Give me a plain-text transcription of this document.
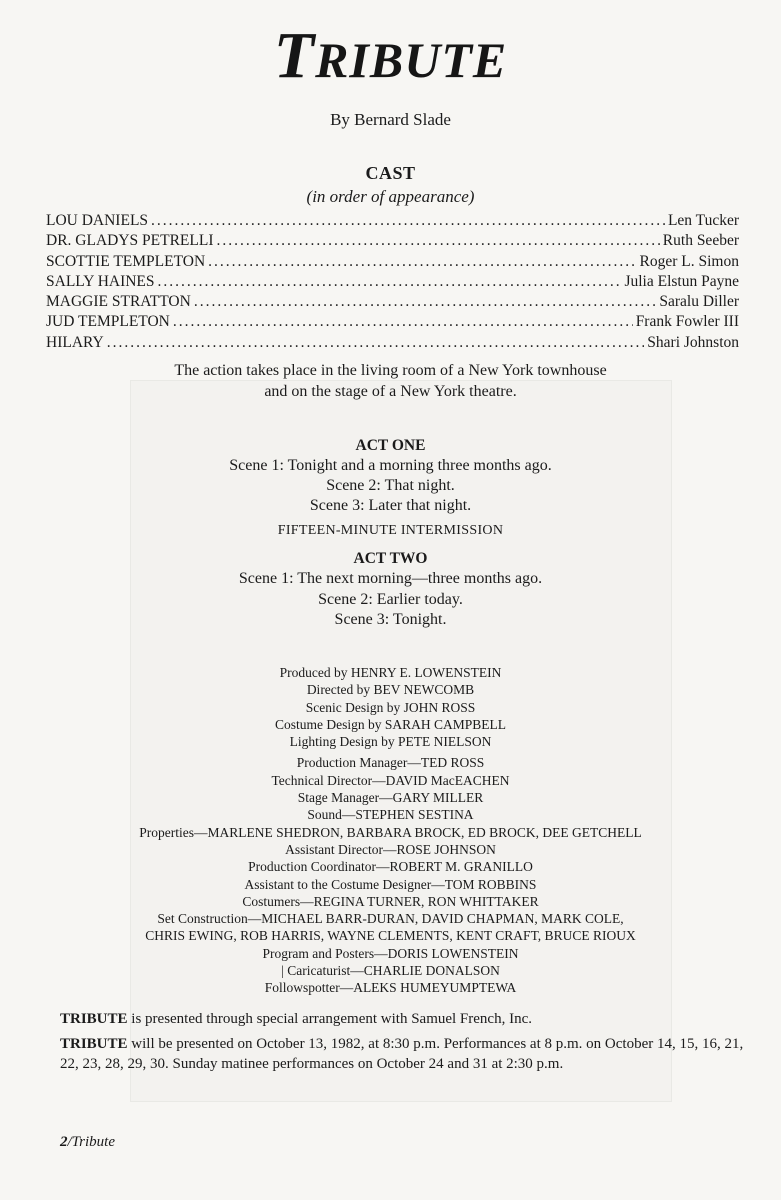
TRIBUTE
By Bernard Slade
CAST
(in order of appearance)
LOU DANIELS .....	Len Tucker
DR. GLADYS PETRELLI .....	Ruth Seeber
SCOTTIE TEMPLETON .....	Roger L. Simon
SALLY HAINES .....	Julia Elstun Payne
MAGGIE STRATTON .....	Saralu Diller
JUD TEMPLETON .....	Frank Fowler III
HILARY .....	Shari Johnston
The action takes place in the living room of a New York townhouse
and on the stage of a New York theatre.
ACT ONE
Scene 1: Tonight and a morning three months ago.
Scene 2: That night.
Scene 3: Later that night.
FIFTEEN-MINUTE INTERMISSION
ACT TWO
Scene 1: The next morning—three months ago.
Scene 2: Earlier today.
Scene 3: Tonight.
Produced by HENRY E. LOWENSTEIN
Directed by BEV NEWCOMB
Scenic Design by JOHN ROSS
Costume Design by SARAH CAMPBELL
Lighting Design by PETE NIELSON
Production Manager—TED ROSS
Technical Director—DAVID MacEACHEN
Stage Manager—GARY MILLER
Sound—STEPHEN SESTINA
Properties—MARLENE SHEDRON, BARBARA BROCK, ED BROCK, DEE GETCHELL
Assistant Director—ROSE JOHNSON
Production Coordinator—ROBERT M. GRANILLO
Assistant to the Costume Designer—TOM ROBBINS
Costumers—REGINA TURNER, RON WHITTAKER
Set Construction—MICHAEL BARR-DURAN, DAVID CHAPMAN, MARK COLE,
CHRIS EWING, ROB HARRIS, WAYNE CLEMENTS, KENT CRAFT, BRUCE RIOUX
Program and Posters—DORIS LOWENSTEIN
| Caricaturist—CHARLIE DONALSON
Followspotter—ALEKS HUMEYUMPTEWA
TRIBUTE is presented through special arrangement with Samuel French, Inc.
TRIBUTE will be presented on October 13, 1982, at 8:30 p.m. Performances at 8 p.m. on October 14, 15, 16, 21, 22, 23, 28, 29, 30. Sunday matinee performances on October 24 and 31 at 2:30 p.m.
2/Tribute
